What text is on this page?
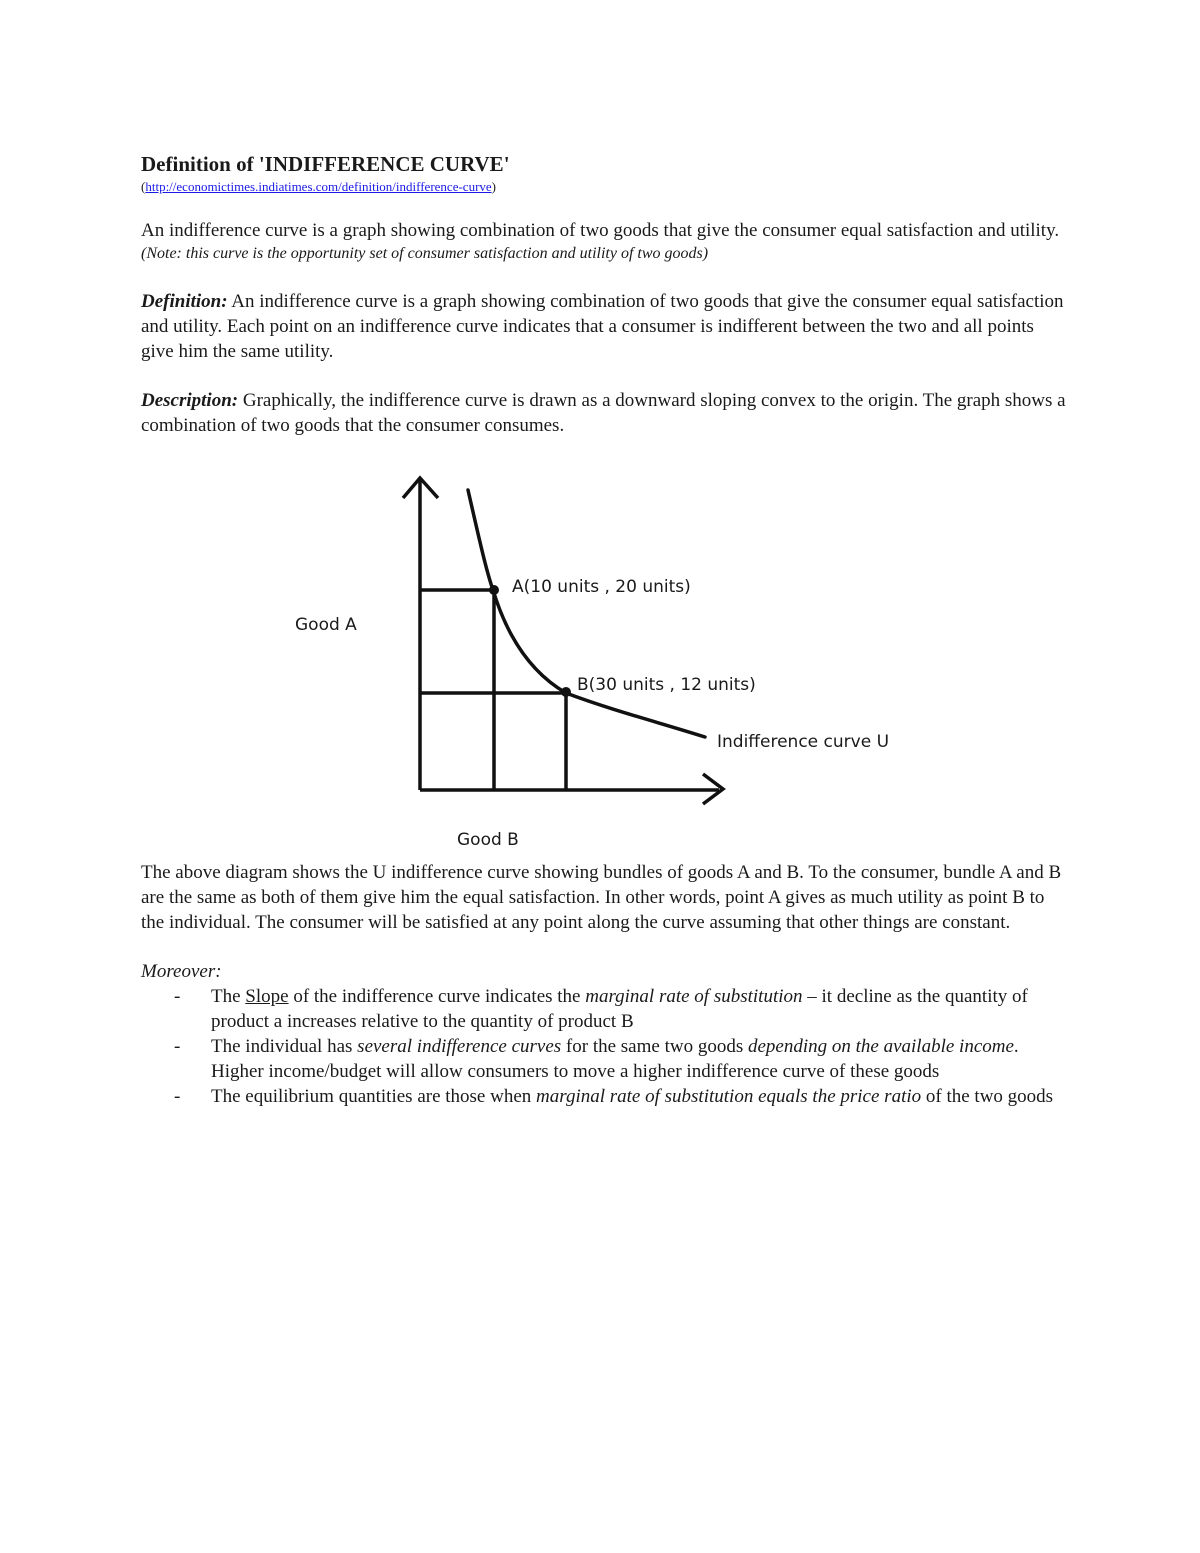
Definition of 'INDIFFERENCE CURVE'

(http://economictimes.indiatimes.com/definition/indifference-curve)

An indifference curve is a graph showing combination of two goods that give the consumer equal satisfaction and utility.

(Note: this curve is the opportunity set of consumer satisfaction and utility of two goods)

Definition: An indifference curve is a graph showing combination of two goods that give the consumer equal satisfaction and utility. Each point on an indifference curve indicates that a consumer is indifferent between the two and all points give him the same utility.

Description: Graphically, the indifference curve is drawn as a downward sloping convex to the origin. The graph shows a combination of two goods that the consumer consumes.

Good A
Good B
A(10 units , 20 units)
B(30 units , 12 units)
Indifference curve U

The above diagram shows the U indifference curve showing bundles of goods A and B. To the consumer, bundle A and B are the same as both of them give him the equal satisfaction. In other words, point A gives as much utility as point B to the individual. The consumer will be satisfied at any point along the curve assuming that other things are constant.

Moreover:

- The Slope of the indifference curve indicates the marginal rate of substitution – it decline as the quantity of product a increases relative to the quantity of product B
- The individual has several indifference curves for the same two goods depending on the available income. Higher income/budget will allow consumers to move a higher indifference curve of these goods
- The equilibrium quantities are those when marginal rate of substitution equals the price ratio of the two goods
